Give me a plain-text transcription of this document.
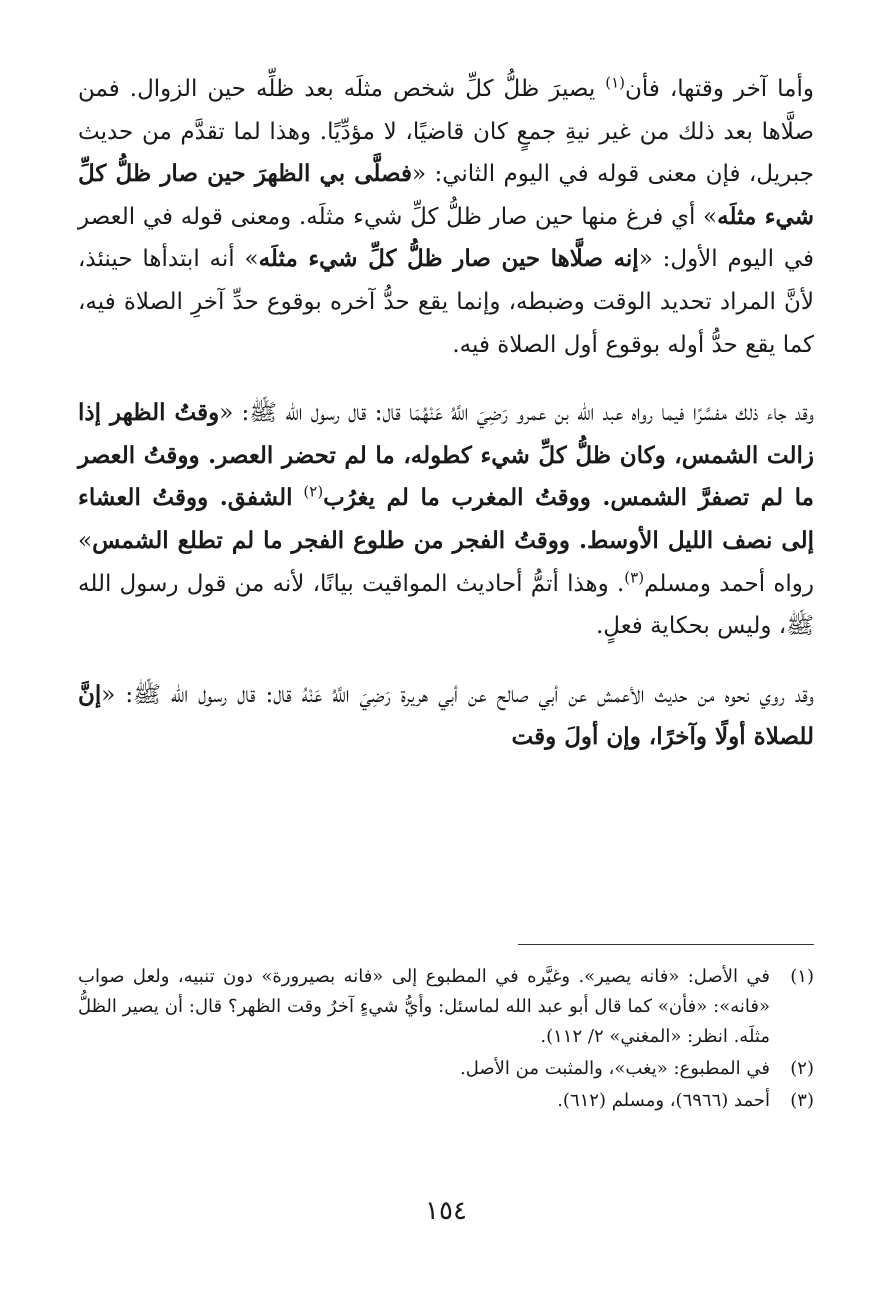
وأما آخر وقتها، فأن$^{(١)}$ يصيرَ ظلُّ كلِّ شخص مثلَه بعد ظلِّه حين الزوال. فمن صلَّاها بعد ذلك من غير نيةِ جمعٍ كان قاضيًا، لا مؤدِّيًا. وهذا لما تقدَّم من حديث جبريل، فإن معنى قوله في اليوم الثاني: «فصلَّى بي الظهرَ حين صار ظلُّ كلِّ شيء مثلَه» أي فرغ منها حين صار ظلُّ كلِّ شيء مثلَه. ومعنى قوله في العصر في اليوم الأول: «إنه صلَّاها حين صار ظلُّ كلِّ شيء مثلَه» أنه ابتدأها حينئذ، لأنَّ المراد تحديد الوقت وضبطه، وإنما يقع حدُّ آخره بوقوع حدِّ آخرِ الصلاة فيه، كما يقع حدُّ أوله بوقوع أول الصلاة فيه.

وقد جاء ذلك مفسَّرًا فيما رواه عبد الله بن عمرو رَضِيَ اللَّهُ عَنْهُمَا قال: قال رسول الله ﷺ: «وقتُ الظهر إذا زالت الشمس، وكان ظلُّ كلِّ شيء كطوله، ما لم تحضر العصر. ووقتُ العصر ما لم تصفرَّ الشمس. ووقتُ المغرب ما لم يغرُب$^{(٢)}$ الشفق. ووقتُ العشاء إلى نصف الليل الأوسط. ووقتُ الفجر من طلوع الفجر ما لم تطلع الشمس» رواه أحمد ومسلم$^{(٣)}$. وهذا أتمُّ أحاديث المواقيت بيانًا، لأنه من قول رسول الله ﷺ، وليس بحكاية فعلٍ.

وقد روي نحوه من حديث الأعمش عن أبي صالح عن أبي هريرة رَضِيَ اللَّهُ عَنْهُ قال: قال رسول الله ﷺ: «إنَّ للصلاة أولًا وآخرًا، وإن أولَ وقت

(١)
في الأصل: «فانه يصير». وغيَّره في المطبوع إلى «فانه بصيرورة» دون تنبيه، ولعل صواب «فانه»: «فأن» كما قال أبو عبد الله لماسئل: وأيُّ شيءٍ آخرُ وقت الظهر؟ قال: أن يصير الظلُّ مثلَه. انظر: «المغني» ٢/ ١١٢).
(٢)
في المطبوع: «يغب»، والمثبت من الأصل.
(٣)
أحمد (٦٩٦٦)، ومسلم (٦١٢).
١٥٤
